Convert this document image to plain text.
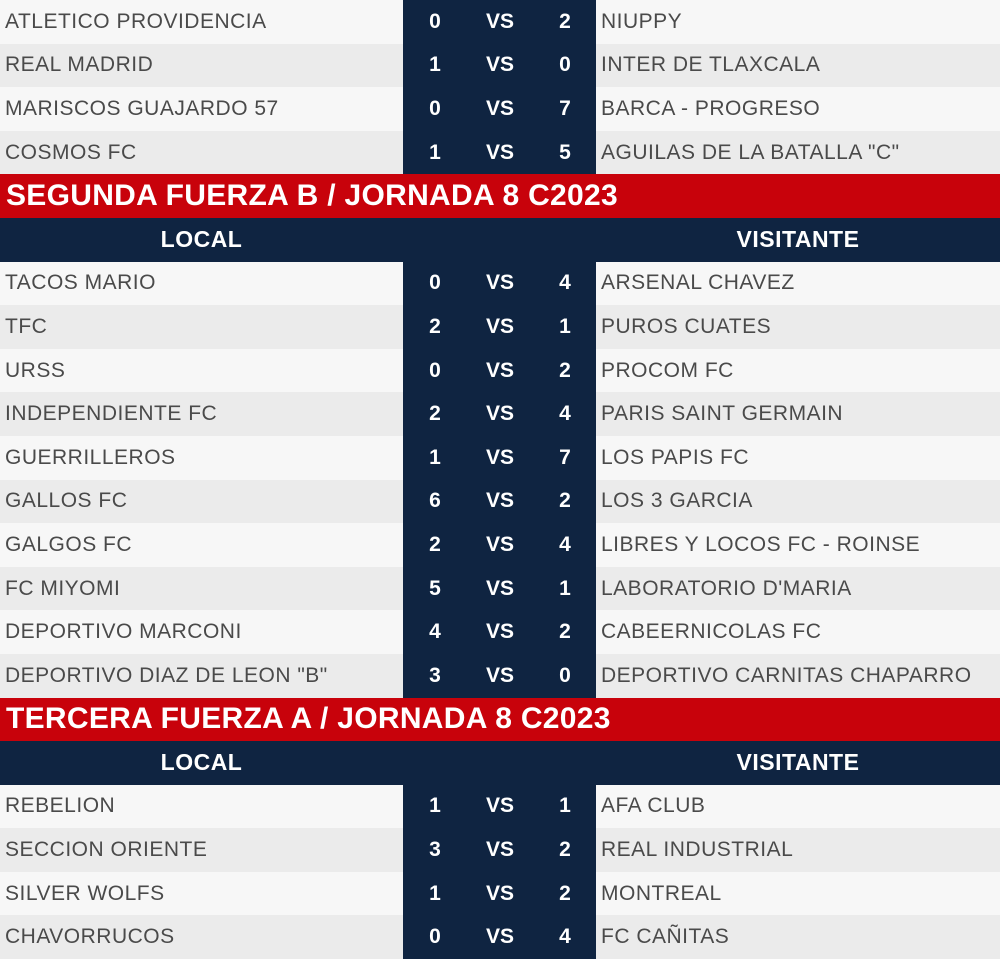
ATLETICO PROVIDENCIA	0	VS	2	NIUPPY
REAL MADRID	1	VS	0	INTER DE TLAXCALA
MARISCOS GUAJARDO 57	0	VS	7	BARCA - PROGRESO
COSMOS FC	1	VS	5	AGUILAS DE LA BATALLA "C"
SEGUNDA FUERZA B / JORNADA 8 C2023
LOCAL	VISITANTE
TACOS MARIO	0	VS	4	ARSENAL CHAVEZ
TFC	2	VS	1	PUROS CUATES
URSS	0	VS	2	PROCOM FC
INDEPENDIENTE FC	2	VS	4	PARIS SAINT GERMAIN
GUERRILLEROS	1	VS	7	LOS PAPIS FC
GALLOS FC	6	VS	2	LOS 3 GARCIA
GALGOS FC	2	VS	4	LIBRES Y LOCOS FC - ROINSE
FC MIYOMI	5	VS	1	LABORATORIO D'MARIA
DEPORTIVO MARCONI	4	VS	2	CABEERNICOLAS FC
DEPORTIVO DIAZ DE LEON "B"	3	VS	0	DEPORTIVO CARNITAS CHAPARRO
TERCERA FUERZA A / JORNADA 8 C2023
LOCAL	VISITANTE
REBELION	1	VS	1	AFA CLUB
SECCION ORIENTE	3	VS	2	REAL INDUSTRIAL
SILVER WOLFS	1	VS	2	MONTREAL
CHAVORRUCOS	0	VS	4	FC CAÑITAS
